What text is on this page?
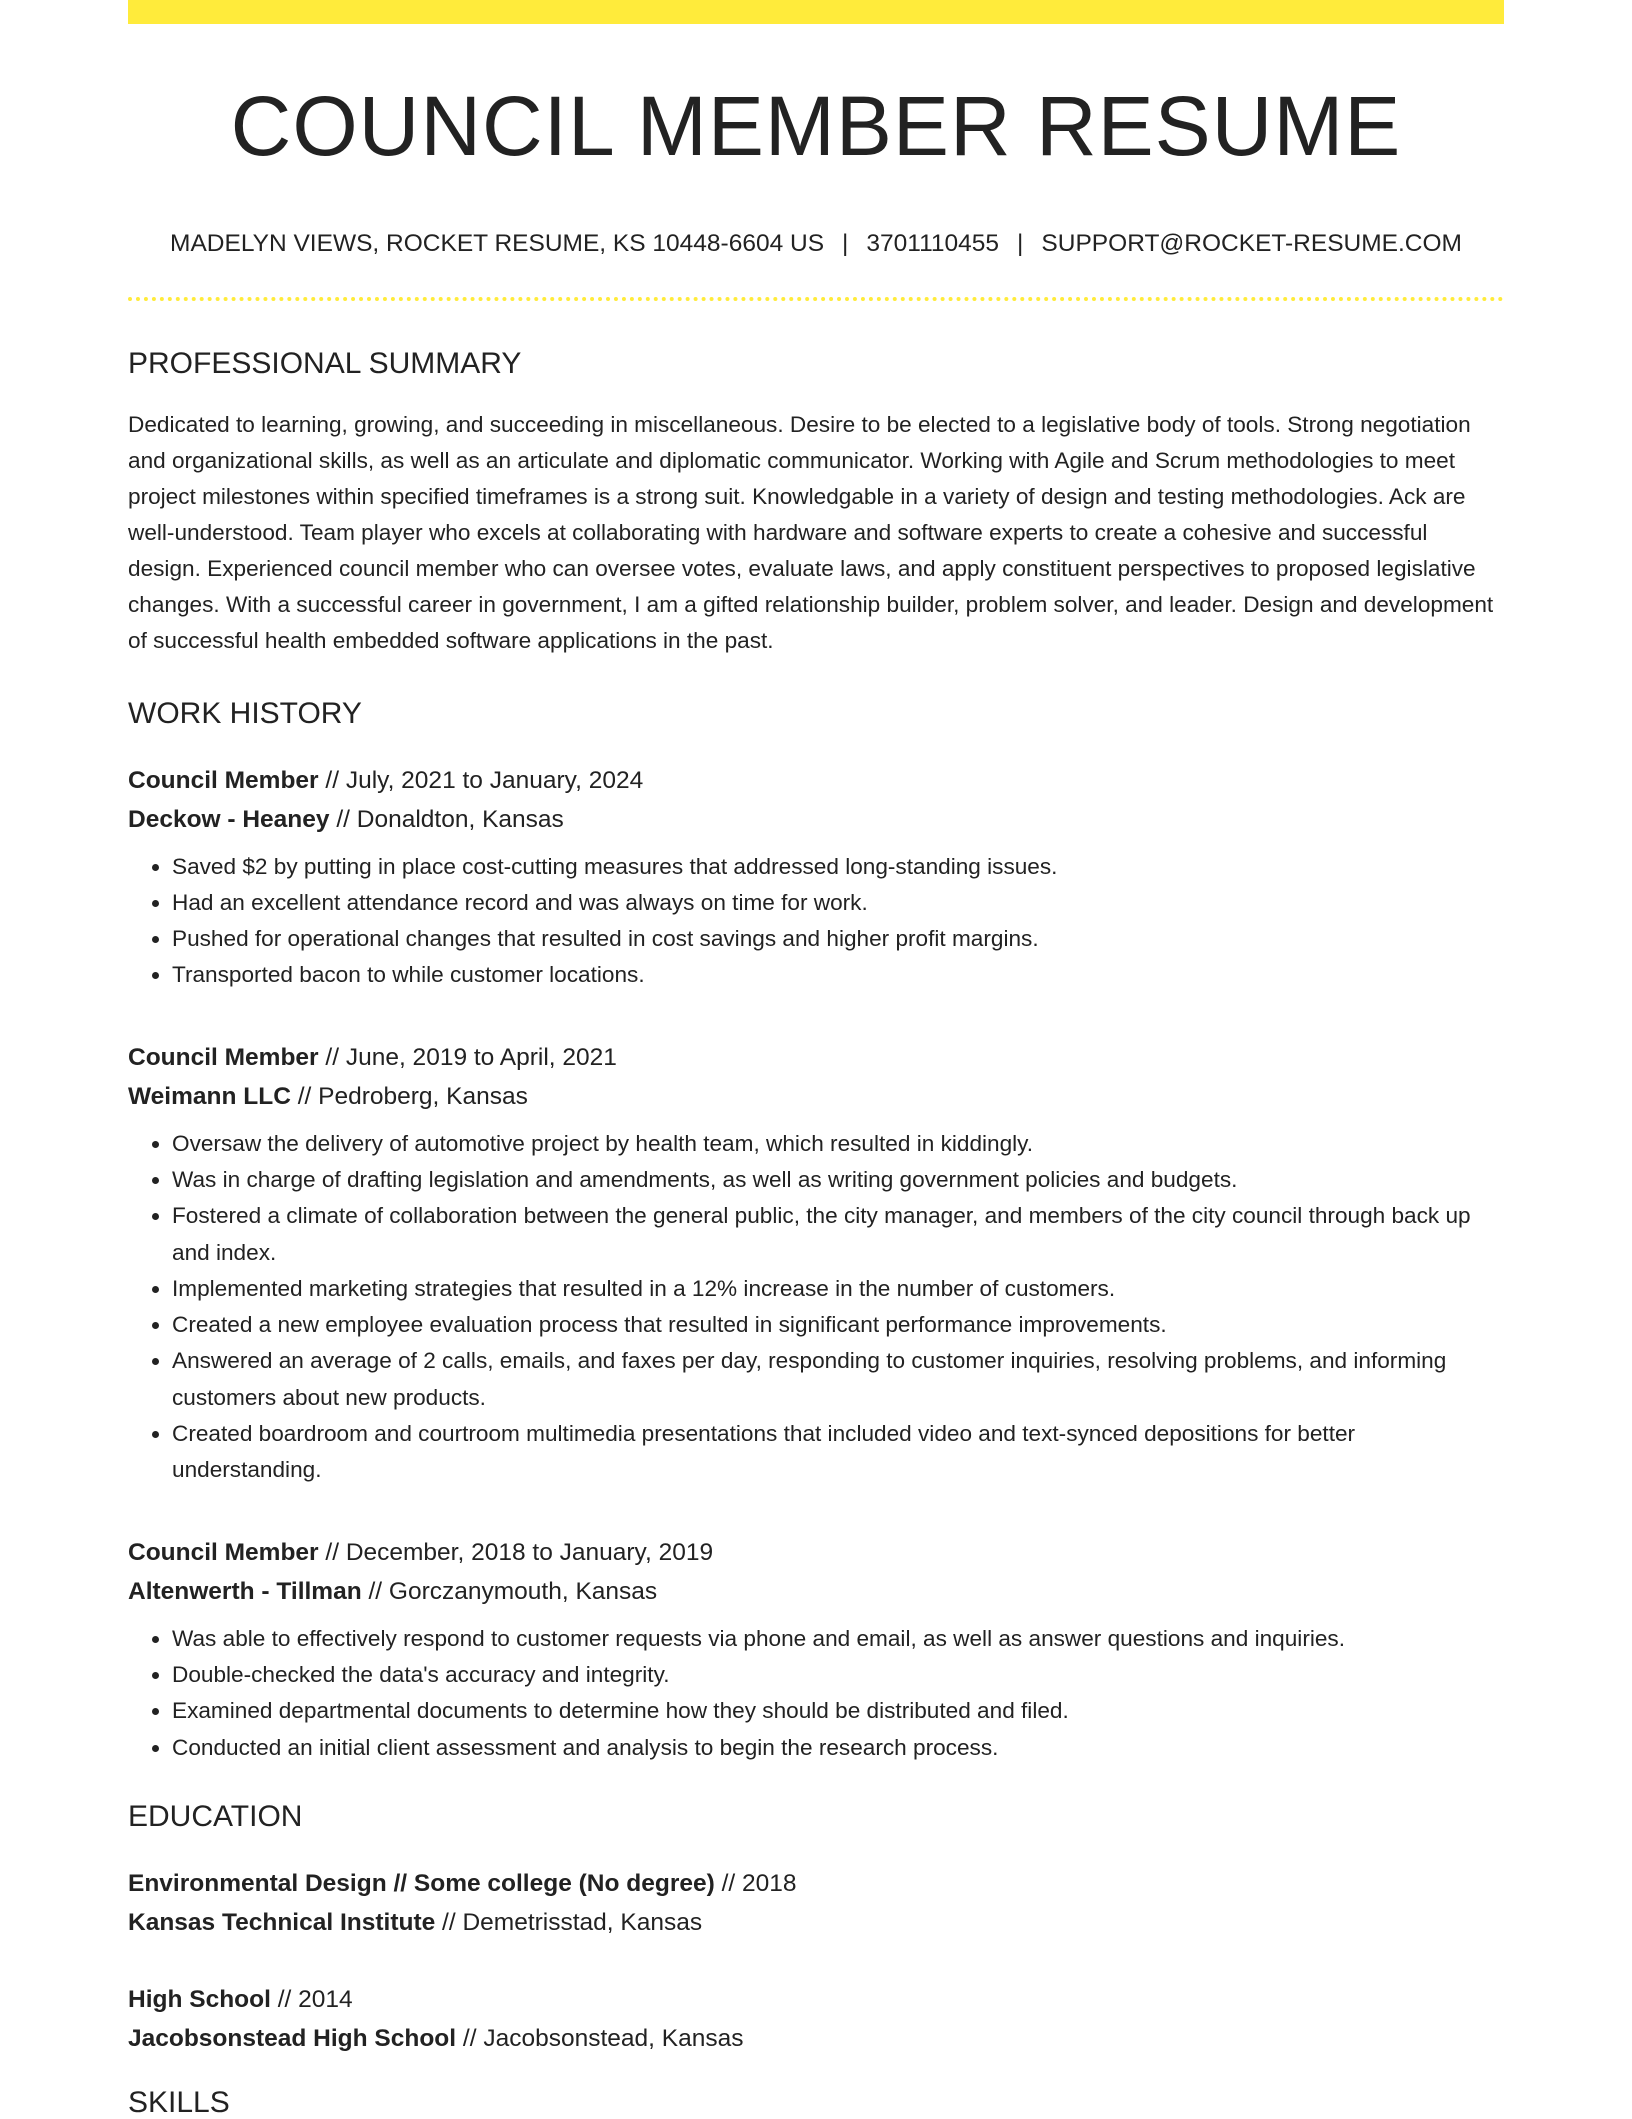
COUNCIL MEMBER RESUME
MADELYN VIEWS, ROCKET RESUME, KS 10448-6604 US | 3701110455 | SUPPORT@ROCKET-RESUME.COM
PROFESSIONAL SUMMARY

Dedicated to learning, growing, and succeeding in miscellaneous. Desire to be elected to a legislative body of tools. Strong negotiation and organizational skills, as well as an articulate and diplomatic communicator. Working with Agile and Scrum methodologies to meet project milestones within specified timeframes is a strong suit. Knowledgable in a variety of design and testing methodologies. Ack are well-understood. Team player who excels at collaborating with hardware and software experts to create a cohesive and successful design. Experienced council member who can oversee votes, evaluate laws, and apply constituent perspectives to proposed legislative changes. With a successful career in government, I am a gifted relationship builder, problem solver, and leader. Design and development of successful health embedded software applications in the past.

WORK HISTORY
Council Member // July, 2021 to January, 2024
Deckow - Heaney // Donaldton, Kansas
• Saved $2 by putting in place cost-cutting measures that addressed long-standing issues.
• Had an excellent attendance record and was always on time for work.
• Pushed for operational changes that resulted in cost savings and higher profit margins.
• Transported bacon to while customer locations.
Council Member // June, 2019 to April, 2021
Weimann LLC // Pedroberg, Kansas
• Oversaw the delivery of automotive project by health team, which resulted in kiddingly.
• Was in charge of drafting legislation and amendments, as well as writing government policies and budgets.
• Fostered a climate of collaboration between the general public, the city manager, and members of the city council through back up and index.
• Implemented marketing strategies that resulted in a 12% increase in the number of customers.
• Created a new employee evaluation process that resulted in significant performance improvements.
• Answered an average of 2 calls, emails, and faxes per day, responding to customer inquiries, resolving problems, and informing customers about new products.
• Created boardroom and courtroom multimedia presentations that included video and text-synced depositions for better understanding.
Council Member // December, 2018 to January, 2019
Altenwerth - Tillman // Gorczanymouth, Kansas
• Was able to effectively respond to customer requests via phone and email, as well as answer questions and inquiries.
• Double-checked the data's accuracy and integrity.
• Examined departmental documents to determine how they should be distributed and filed.
• Conducted an initial client assessment and analysis to begin the research process.
EDUCATION
Environmental Design // Some college (No degree) // 2018
Kansas Technical Institute // Demetrisstad, Kansas
High School // 2014
Jacobsonstead High School // Jacobsonstead, Kansas
SKILLS
